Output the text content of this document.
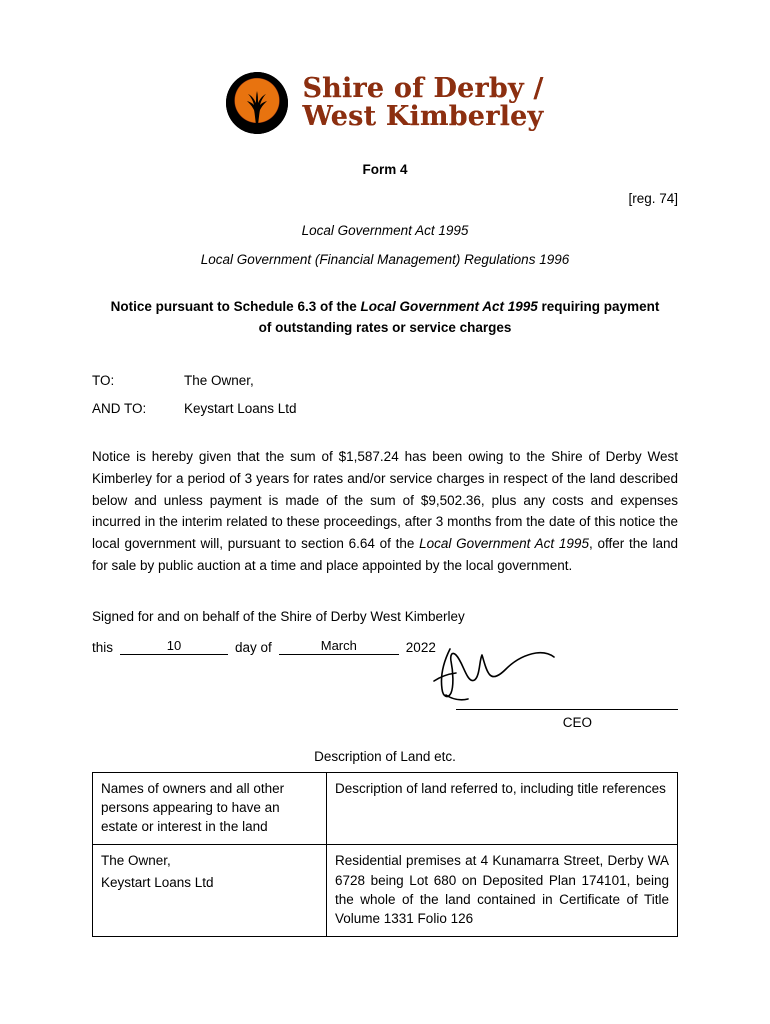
Shire of Derby /
West Kimberley
Form 4
[reg. 74]
Local Government Act 1995
Local Government (Financial Management) Regulations 1996
Notice pursuant to Schedule 6.3 of the Local Government Act 1995 requiring payment of outstanding rates or service charges
TO:	The Owner,
AND TO:	Keystart Loans Ltd
Notice is hereby given that the sum of $1,587.24 has been owing to the Shire of Derby West Kimberley for a period of 3 years for rates and/or service charges in respect of the land described below and unless payment is made of the sum of $9,502.36, plus any costs and expenses incurred in the interim related to these proceedings, after 3 months from the date of this notice the local government will, pursuant to section 6.64 of the Local Government Act 1995, offer the land for sale by public auction at a time and place appointed by the local government.
Signed for and on behalf of the Shire of Derby West Kimberley
this	10	day of	March	2022
CEO
Description of Land etc.
Names of owners and all other persons appearing to have an estate or interest in the land	Description of land referred to, including title references

The Owner,
Keystart Loans Ltd	Residential premises at 4 Kunamarra Street, Derby WA 6728 being Lot 680 on Deposited Plan 174101, being the whole of the land contained in Certificate of Title Volume 1331 Folio 126
